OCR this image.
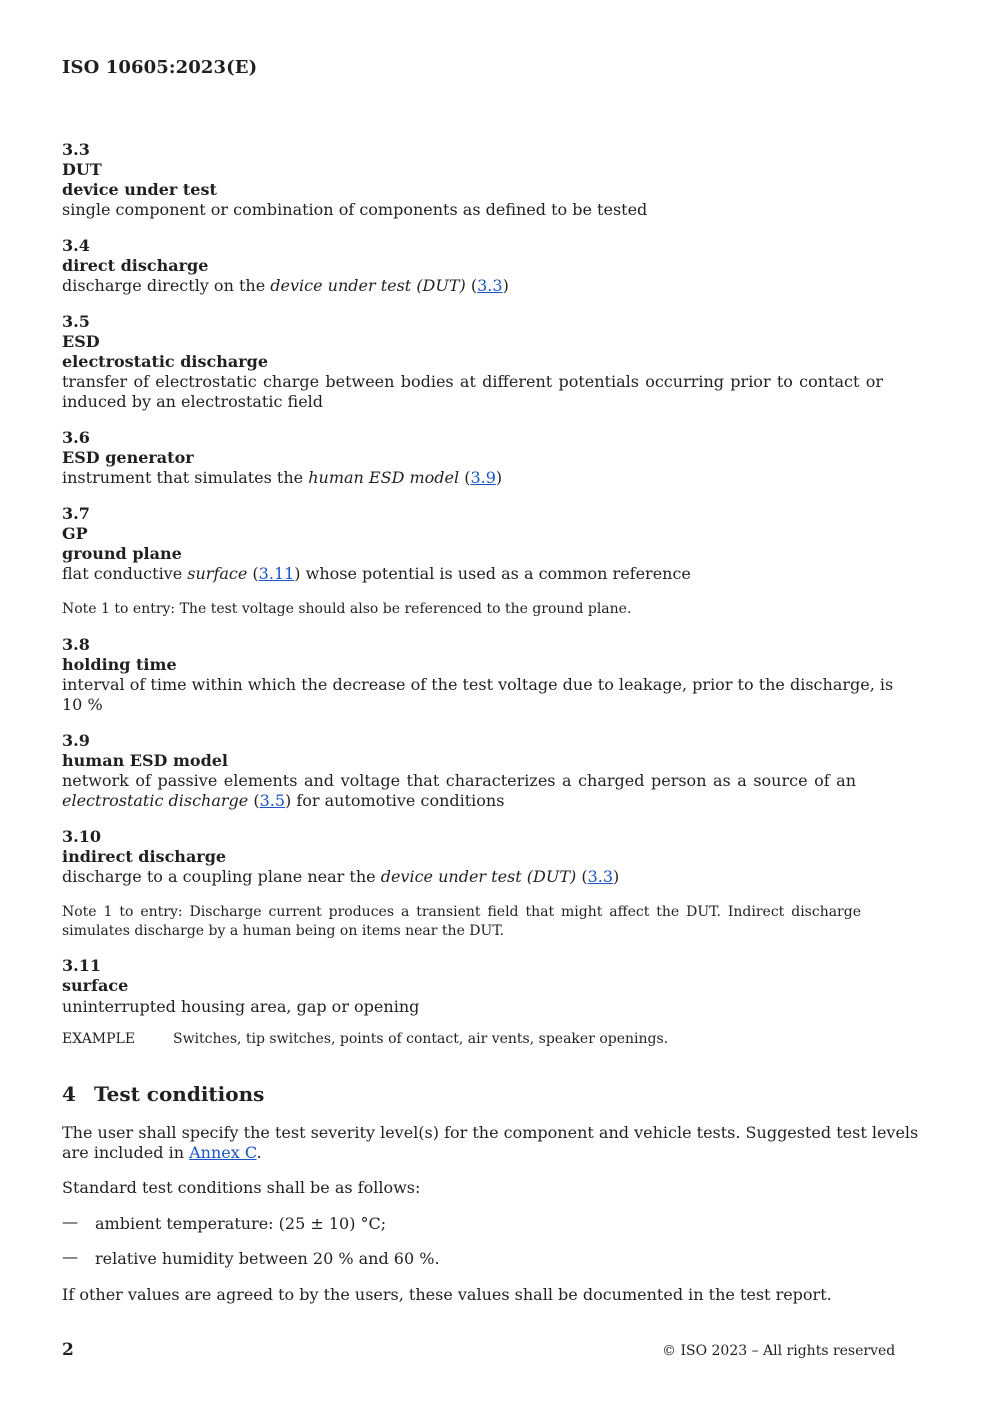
ISO 10605:2023(E)
3.3
DUT
device under test
single component or combination of components as defined to be tested
3.4
direct discharge
discharge directly on the device under test (DUT) (3.3)
3.5
ESD
electrostatic discharge
transfer of electrostatic charge between bodies at different potentials occurring prior to contact or
induced by an electrostatic field
3.6
ESD generator
instrument that simulates the human ESD model (3.9)
3.7
GP
ground plane
flat conductive surface (3.11) whose potential is used as a common reference
Note 1 to entry: The test voltage should also be referenced to the ground plane.
3.8
holding time
interval of time within which the decrease of the test voltage due to leakage, prior to the discharge, is
10 %
3.9
human ESD model
network of passive elements and voltage that characterizes a charged person as a source of an
electrostatic discharge (3.5) for automotive conditions
3.10
indirect discharge
discharge to a coupling plane near the device under test (DUT) (3.3)
Note 1 to entry: Discharge current produces a transient field that might affect the DUT. Indirect discharge
simulates discharge by a human being on items near the DUT.
3.11
surface
uninterrupted housing area, gap or opening
EXAMPLE	Switches, tip switches, points of contact, air vents, speaker openings.
4 Test conditions
The user shall specify the test severity level(s) for the component and vehicle tests. Suggested test levels
are included in Annex C.
Standard test conditions shall be as follows:
— ambient temperature: (25 ± 10) °C;
— relative humidity between 20 % and 60 %.
If other values are agreed to by the users, these values shall be documented in the test report.
2	© ISO 2023 – All rights reserved
